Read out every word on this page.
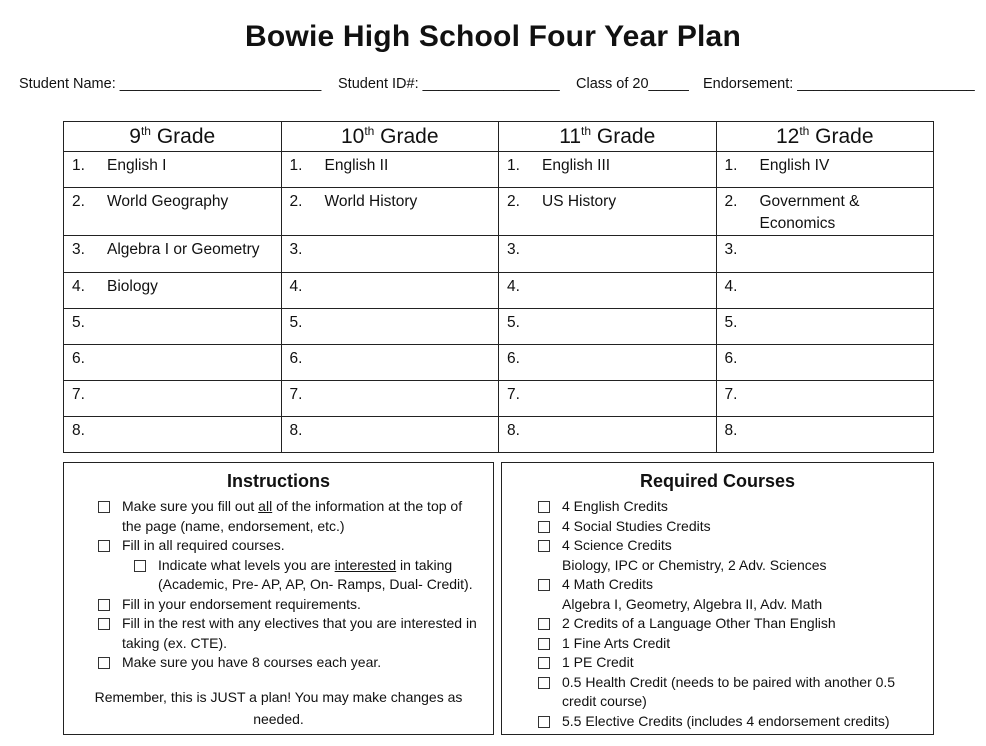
Bowie High School Four Year Plan
Student Name: _________________________ Student ID#: _________________ Class of 20_____ Endorsement: ______________________
9th Grade	10th Grade	11th Grade	12th Grade

1. English I	1. English II	1. English III	1. English IV

2. World Geography	2. World History	2. US History	2. Government & Economics

3. Algebra I or Geometry	3.	3.	3.

4. Biology	4.	4.	4.

5.	5.	5.	5.

6.	6.	6.	6.

7.	7.	7.	7.

8.	8.	8.	8.
Instructions
Make sure you fill out all of the information at the top of the page (name, endorsement, etc.)
Fill in all required courses.
Indicate what levels you are interested in taking (Academic, Pre- AP, AP, On- Ramps, Dual- Credit).
Fill in your endorsement requirements.
Fill in the rest with any electives that you are interested in taking (ex. CTE).
Make sure you have 8 courses each year.
Remember, this is JUST a plan! You may make changes as needed.
Required Courses
4 English Credits
4 Social Studies Credits
4 Science Credits
Biology, IPC or Chemistry, 2 Adv. Sciences
4 Math Credits
Algebra I, Geometry, Algebra II, Adv. Math
2 Credits of a Language Other Than English
1 Fine Arts Credit
1 PE Credit
0.5 Health Credit (needs to be paired with another 0.5 credit course)
5.5 Elective Credits (includes 4 endorsement credits)
